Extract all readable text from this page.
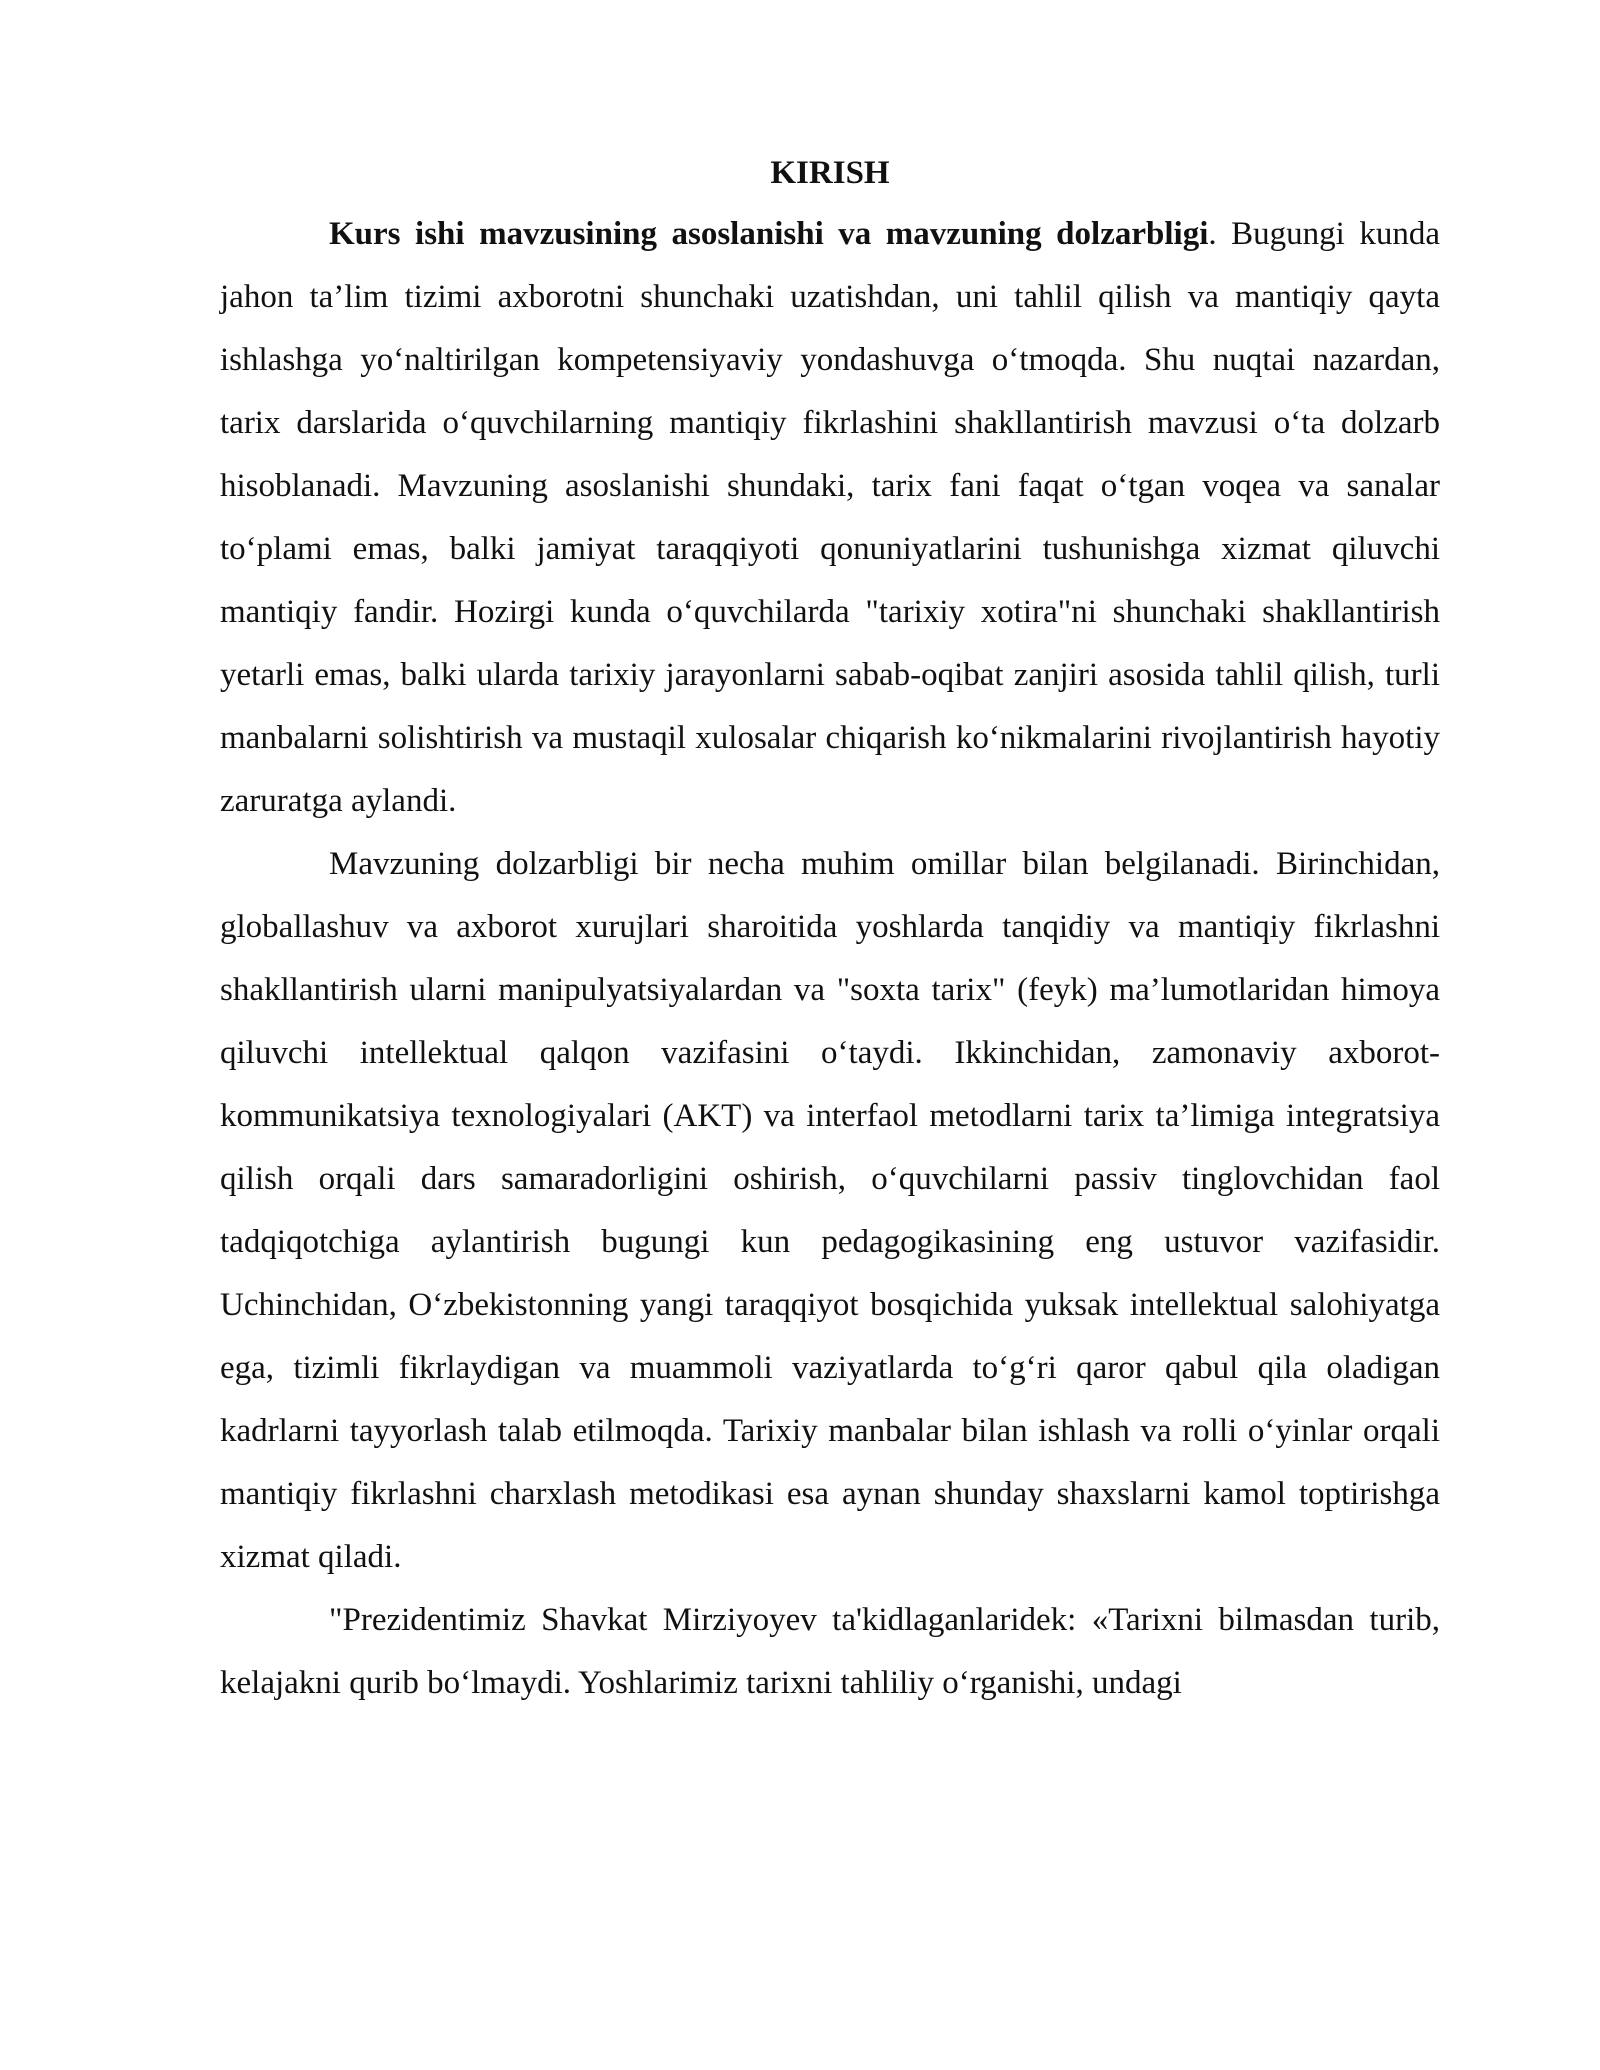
KIRISH

Kurs ishi mavzusining asoslanishi va mavzuning dolzarbligi. Bugungi kunda jahon ta’lim tizimi axborotni shunchaki uzatishdan, uni tahlil qilish va mantiqiy qayta ishlashga yo‘naltirilgan kompetensiyaviy yondashuvga o‘tmoqda. Shu nuqtai nazardan, tarix darslarida o‘quvchilarning mantiqiy fikrlashini shakllantirish mavzusi o‘ta dolzarb hisoblanadi. Mavzuning asoslanishi shundaki, tarix fani faqat o‘tgan voqea va sanalar to‘plami emas, balki jamiyat taraqqiyoti qonuniyatlarini tushunishga xizmat qiluvchi mantiqiy fandir. Hozirgi kunda o‘quvchilarda "tarixiy xotira"ni shunchaki shakllantirish yetarli emas, balki ularda tarixiy jarayonlarni sabab-oqibat zanjiri asosida tahlil qilish, turli manbalarni solishtirish va mustaqil xulosalar chiqarish ko‘nikmalarini rivojlantirish hayotiy zaruratga aylandi.

Mavzuning dolzarbligi bir necha muhim omillar bilan belgilanadi. Birinchidan, globallashuv va axborot xurujlari sharoitida yoshlarda tanqidiy va mantiqiy fikrlashni shakllantirish ularni manipulyatsiyalardan va "soxta tarix" (feyk) ma’lumotlaridan himoya qiluvchi intellektual qalqon vazifasini o‘taydi. Ikkinchidan, zamonaviy axborot-kommunikatsiya texnologiyalari (AKT) va interfaol metodlarni tarix ta’limiga integratsiya qilish orqali dars samaradorligini oshirish, o‘quvchilarni passiv tinglovchidan faol tadqiqotchiga aylantirish bugungi kun pedagogikasining eng ustuvor vazifasidir. Uchinchidan, O‘zbekistonning yangi taraqqiyot bosqichida yuksak intellektual salohiyatga ega, tizimli fikrlaydigan va muammoli vaziyatlarda to‘g‘ri qaror qabul qila oladigan kadrlarni tayyorlash talab etilmoqda. Tarixiy manbalar bilan ishlash va rolli o‘yinlar orqali mantiqiy fikrlashni charxlash metodikasi esa aynan shunday shaxslarni kamol toptirishga xizmat qiladi.

"Prezidentimiz Shavkat Mirziyoyev ta'kidlaganlaridek: «Tarixni bilmasdan turib, kelajakni qurib bo‘lmaydi. Yoshlarimiz tarixni tahliliy o‘rganishi, undagi
